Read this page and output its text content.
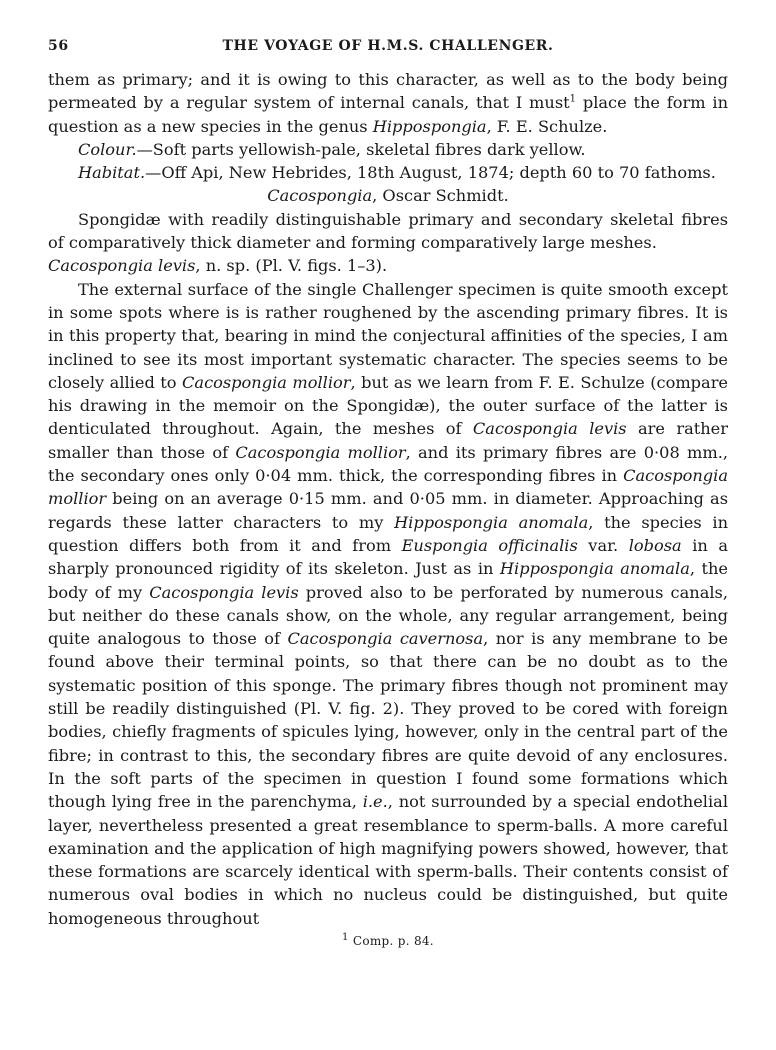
56	THE VOYAGE OF H.M.S. CHALLENGER.

them as primary; and it is owing to this character, as well as to the body being permeated by a regular system of internal canals, that I must$^1$ place the form in question as a new species in the genus Hippospongia, F. E. Schulze.

Colour.—Soft parts yellowish-pale, skeletal fibres dark yellow.

Habitat.—Off Api, New Hebrides, 18th August, 1874; depth 60 to 70 fathoms.

Cacospongia, Oscar Schmidt.

Spongidæ with readily distinguishable primary and secondary skeletal fibres of comparatively thick diameter and forming comparatively large meshes.

Cacospongia levis, n. sp. (Pl. V. figs. 1–3).

The external surface of the single Challenger specimen is quite smooth except in some spots where is is rather roughened by the ascending primary fibres. It is in this property that, bearing in mind the conjectural affinities of the species, I am inclined to see its most important systematic character. The species seems to be closely allied to Cacospongia mollior, but as we learn from F. E. Schulze (compare his drawing in the memoir on the Spongidæ), the outer surface of the latter is denticulated throughout. Again, the meshes of Cacospongia levis are rather smaller than those of Cacospongia mollior, and its primary fibres are 0·08 mm., the secondary ones only 0·04 mm. thick, the corresponding fibres in Cacospongia mollior being on an average 0·15 mm. and 0·05 mm. in diameter. Approaching as regards these latter characters to my Hippospongia anomala, the species in question differs both from it and from Euspongia officinalis var. lobosa in a sharply pronounced rigidity of its skeleton. Just as in Hippospongia anomala, the body of my Cacospongia levis proved also to be perforated by numerous canals, but neither do these canals show, on the whole, any regular arrangement, being quite analogous to those of Cacospongia cavernosa, nor is any membrane to be found above their terminal points, so that there can be no doubt as to the systematic position of this sponge. The primary fibres though not prominent may still be readily distinguished (Pl. V. fig. 2). They proved to be cored with foreign bodies, chiefly fragments of spicules lying, however, only in the central part of the fibre; in contrast to this, the secondary fibres are quite devoid of any enclosures. In the soft parts of the specimen in question I found some formations which though lying free in the parenchyma, i.e., not surrounded by a special endothelial layer, nevertheless presented a great resemblance to sperm-balls. A more careful examination and the application of high magnifying powers showed, however, that these formations are scarcely identical with sperm-balls. Their contents consist of numerous oval bodies in which no nucleus could be distinguished, but quite homogeneous throughout

$^1$ Comp. p. 84.
